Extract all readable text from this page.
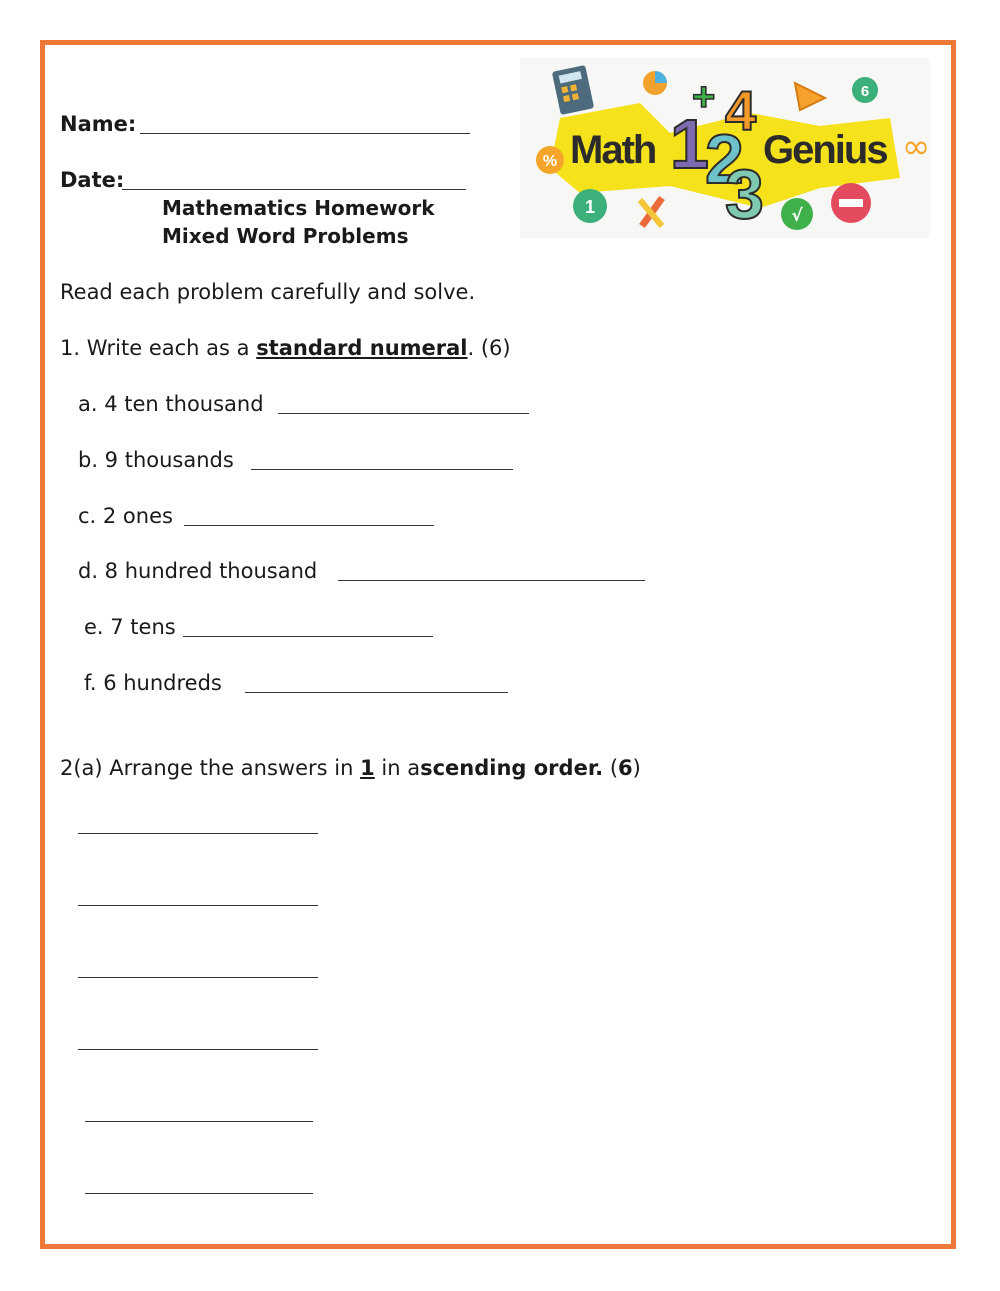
Name:
Date:
Mathematics Homework
Mixed Word Problems
6
%	∞
1	√
Math	Genius
1
2
3
4
+
Read each problem carefully and solve.
1. Write each as a standard numeral. (6)
a. 4 ten thousand
b. 9 thousands
c. 2 ones
d. 8 hundred thousand
e. 7 tens
f. 6 hundreds
2(a) Arrange the answers in 1 in ascending order. (6)
